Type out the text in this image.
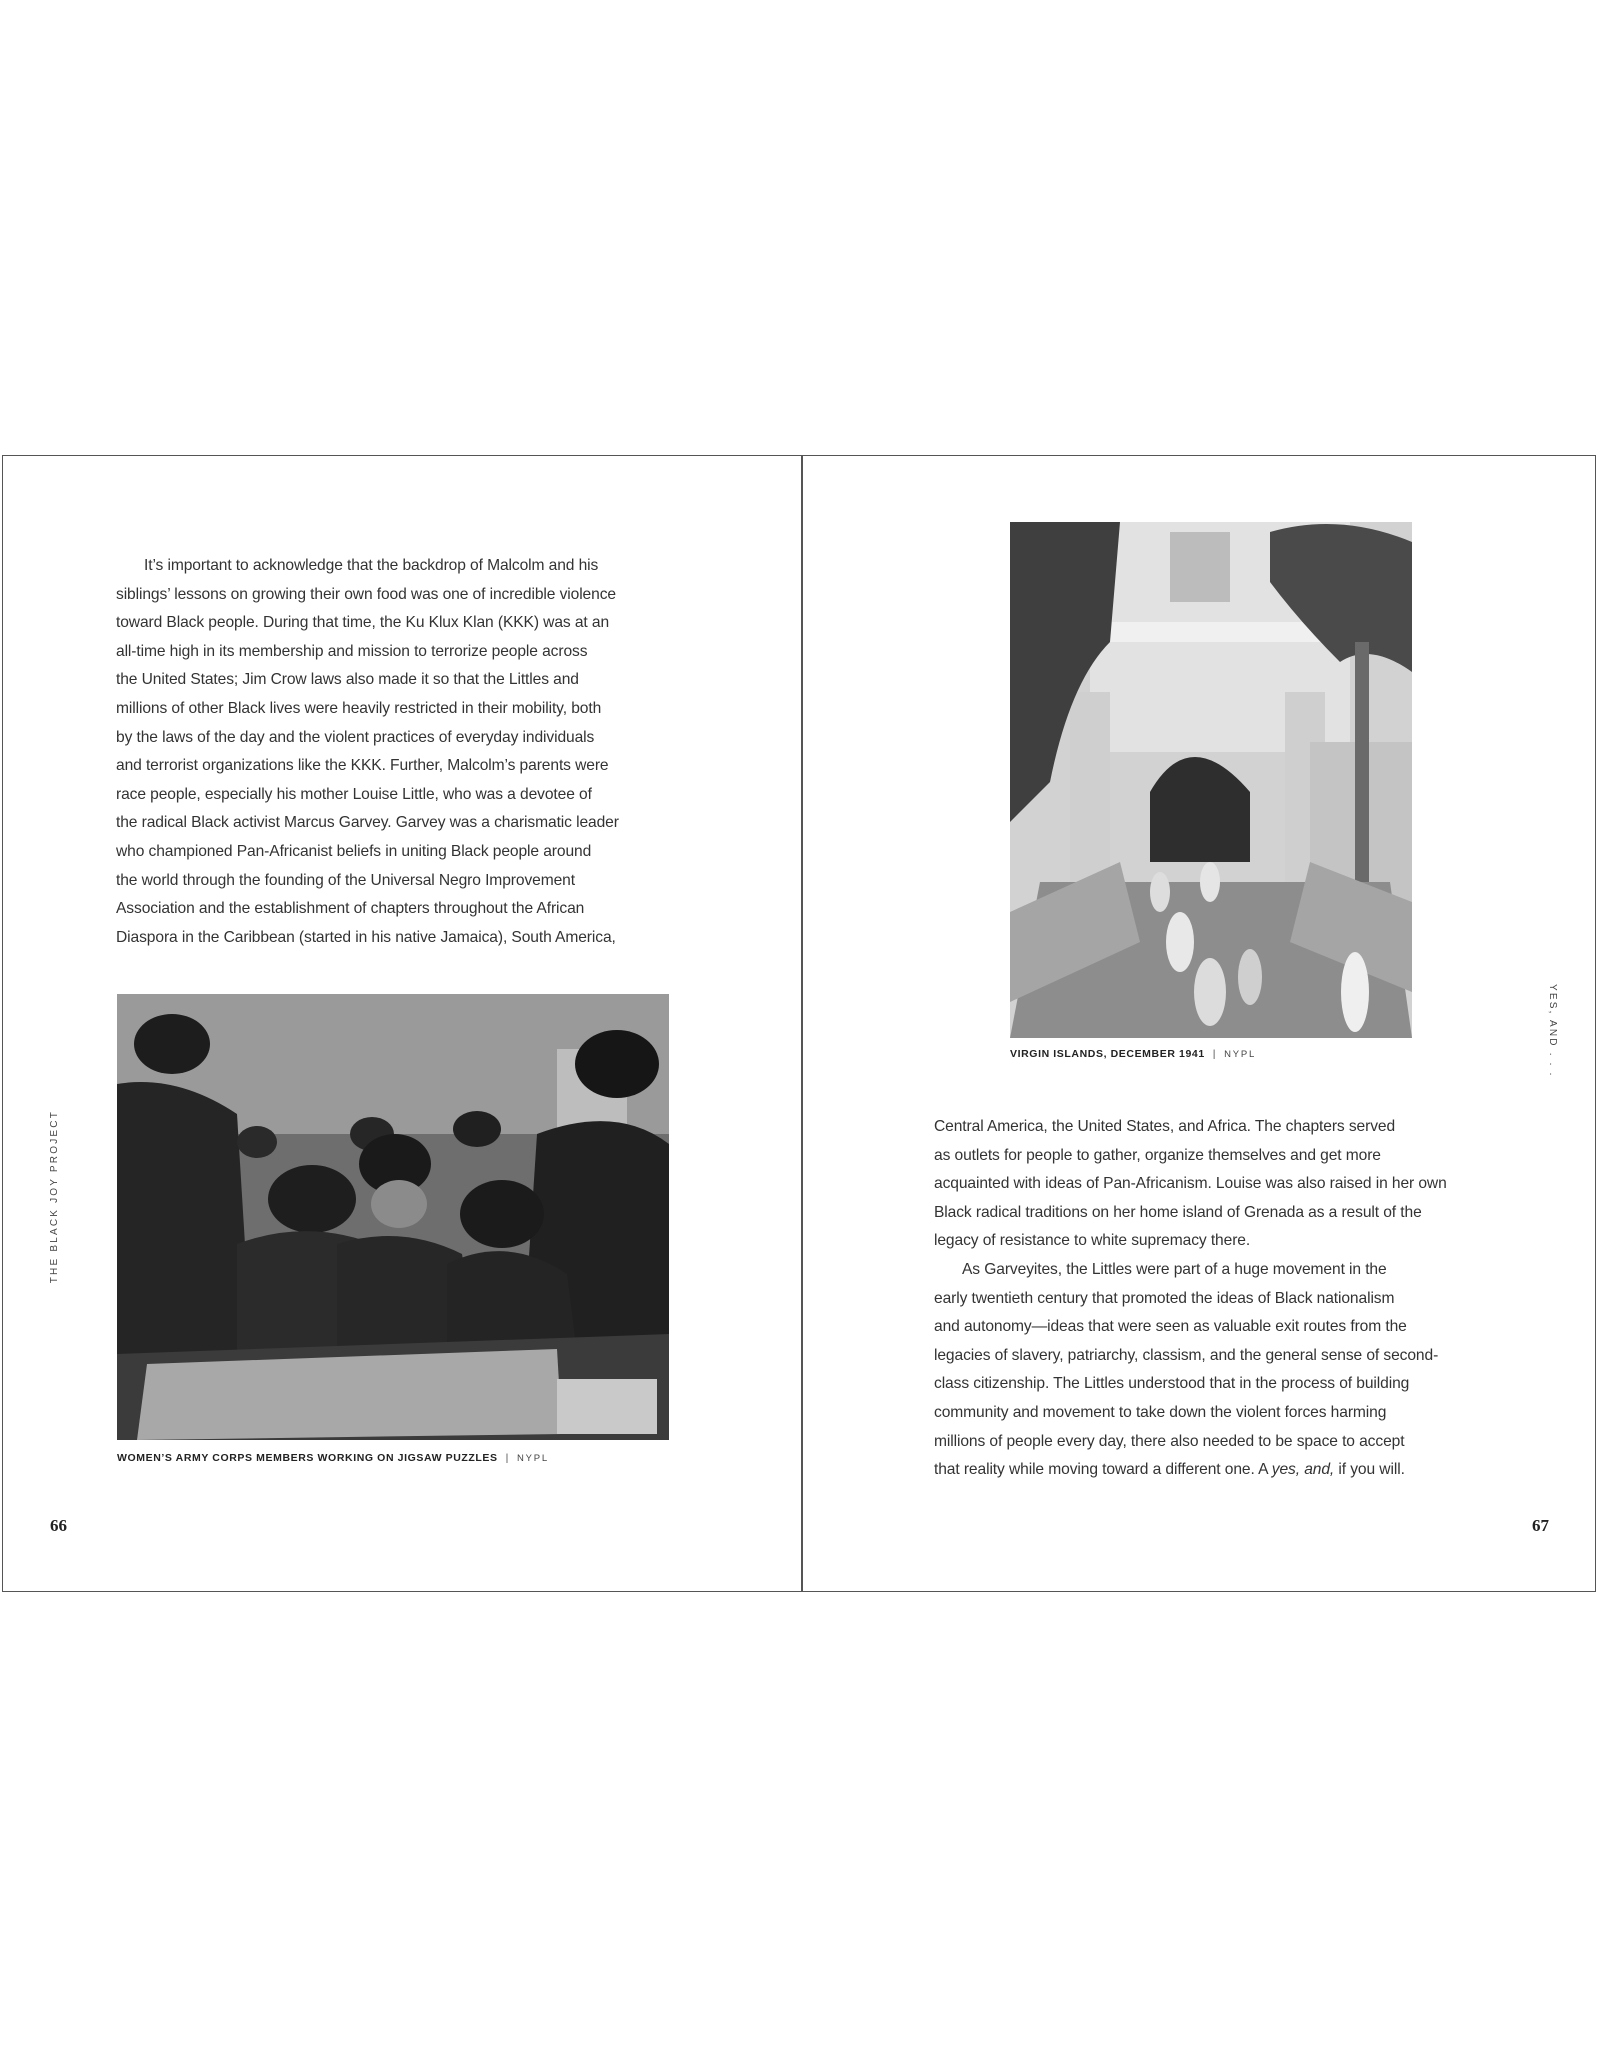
THE BLACK JOY PROJECT
It’s important to acknowledge that the backdrop of Malcolm and his
siblings’ lessons on growing their own food was one of incredible violence
toward Black people. During that time, the Ku Klux Klan (KKK) was at an
all-time high in its membership and mission to terrorize people across
the United States; Jim Crow laws also made it so that the Littles and
millions of other Black lives were heavily restricted in their mobility, both
by the laws of the day and the violent practices of everyday individuals
and terrorist organizations like the KKK. Further, Malcolm’s parents were
race people, especially his mother Louise Little, who was a devotee of
the radical Black activist Marcus Garvey. Garvey was a charismatic leader
who championed Pan-Africanist beliefs in uniting Black people around
the world through the founding of the Universal Negro Improvement
Association and the establishment of chapters throughout the African
Diaspora in the Caribbean (started in his native Jamaica), South America,
WOMEN’S ARMY CORPS MEMBERS WORKING ON JIGSAW PUZZLES | NYPL
66
VIRGIN ISLANDS, DECEMBER 1941 | NYPL	YES, AND . . .
Central America, the United States, and Africa. The chapters served
as outlets for people to gather, organize themselves and get more
acquainted with ideas of Pan-Africanism. Louise was also raised in her own
Black radical traditions on her home island of Grenada as a result of the
legacy of resistance to white supremacy there.
As Garveyites, the Littles were part of a huge movement in the
early twentieth century that promoted the ideas of Black nationalism
and autonomy—ideas that were seen as valuable exit routes from the
legacies of slavery, patriarchy, classism, and the general sense of second-
class citizenship. The Littles understood that in the process of building
community and movement to take down the violent forces harming
millions of people every day, there also needed to be space to accept
that reality while moving toward a different one. A yes, and, if you will.
67
